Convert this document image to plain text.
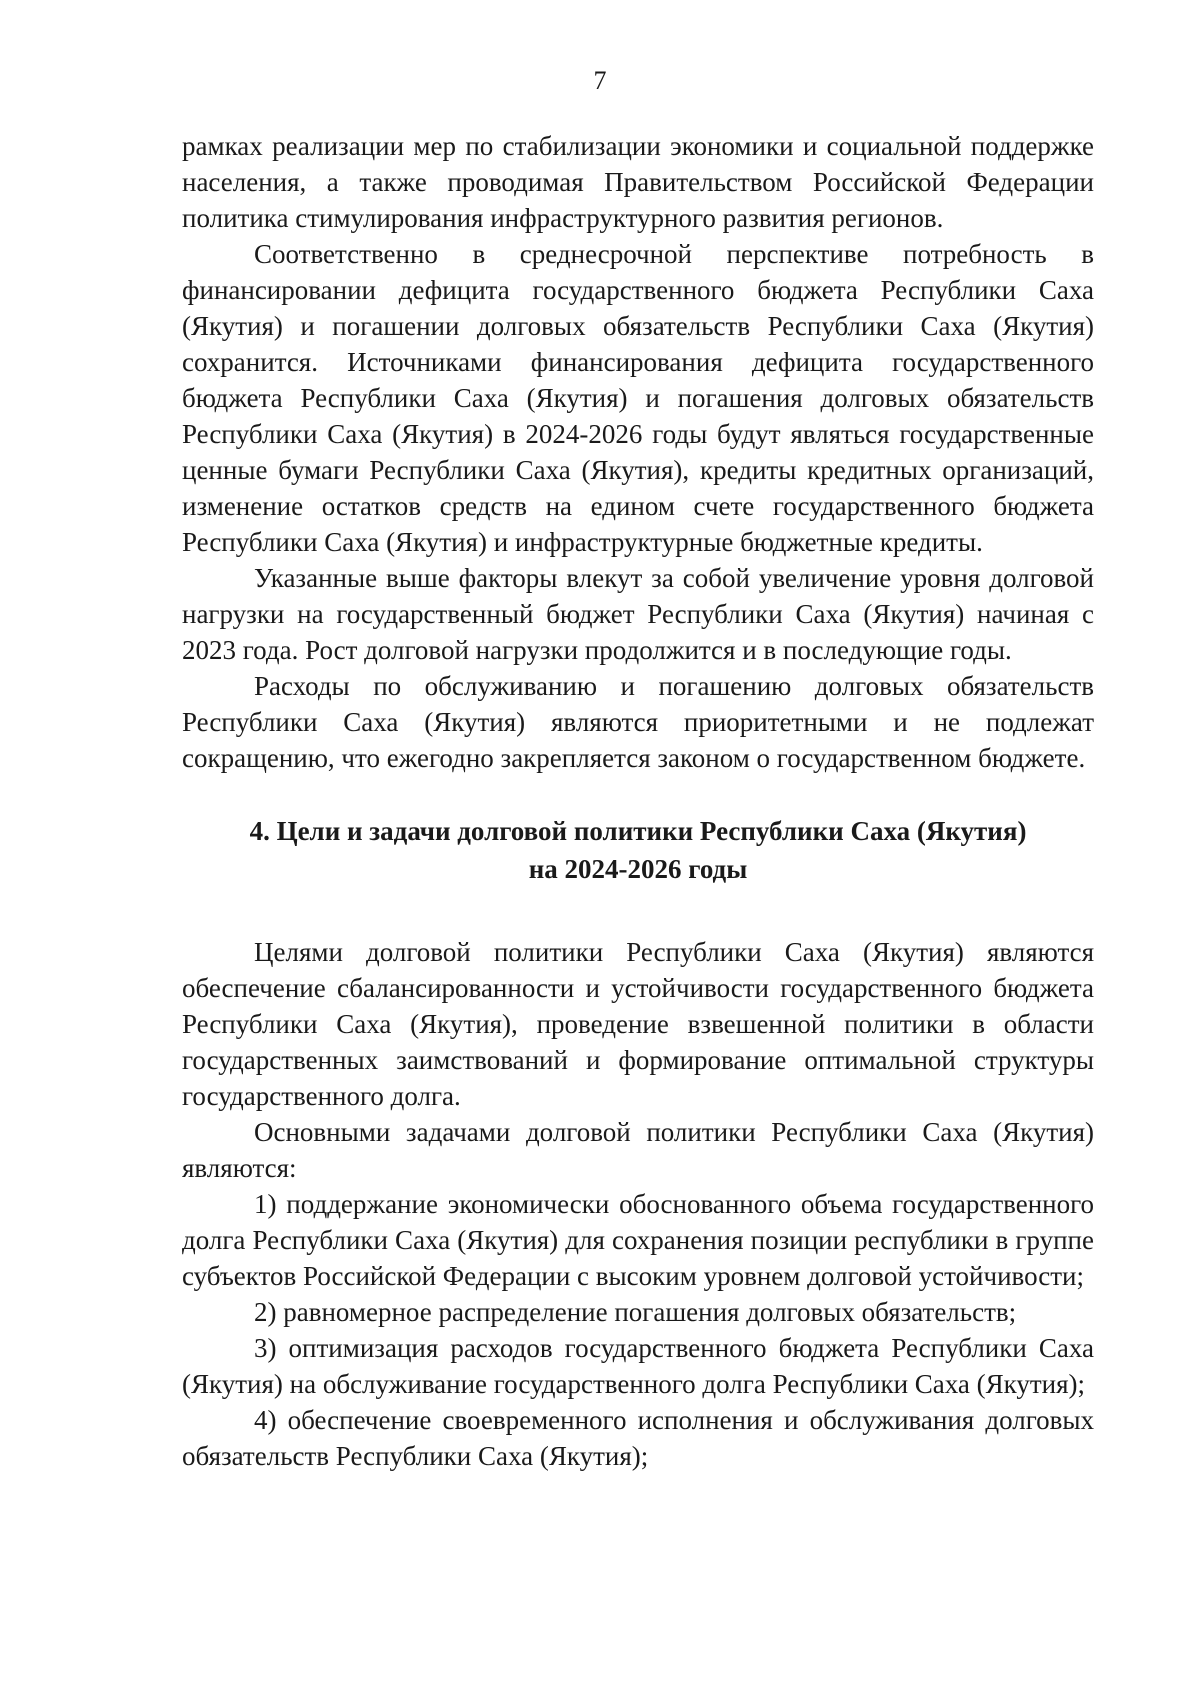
7

рамках реализации мер по стабилизации экономики и социальной поддержке населения, а также проводимая Правительством Российской Федерации политика стимулирования инфраструктурного развития регионов.

Соответственно в среднесрочной перспективе потребность в финансировании дефицита государственного бюджета Республики Саха (Якутия) и погашении долговых обязательств Республики Саха (Якутия) сохранится. Источниками финансирования дефицита государственного бюджета Республики Саха (Якутия) и погашения долговых обязательств Республики Саха (Якутия) в 2024-2026 годы будут являться государственные ценные бумаги Республики Саха (Якутия), кредиты кредитных организаций, изменение остатков средств на едином счете государственного бюджета Республики Саха (Якутия) и инфраструктурные бюджетные кредиты.

Указанные выше факторы влекут за собой увеличение уровня долговой нагрузки на государственный бюджет Республики Саха (Якутия) начиная с 2023 года. Рост долговой нагрузки продолжится и в последующие годы.

Расходы по обслуживанию и погашению долговых обязательств Республики Саха (Якутия) являются приоритетными и не подлежат сокращению, что ежегодно закрепляется законом о государственном бюджете.

4. Цели и задачи долговой политики Республики Саха (Якутия)
на 2024-2026 годы

Целями долговой политики Республики Саха (Якутия) являются обеспечение сбалансированности и устойчивости государственного бюджета Республики Саха (Якутия), проведение взвешенной политики в области государственных заимствований и формирование оптимальной структуры государственного долга.

Основными задачами долговой политики Республики Саха (Якутия) являются:

1) поддержание экономически обоснованного объема государственного долга Республики Саха (Якутия) для сохранения позиции республики в группе субъектов Российской Федерации с высоким уровнем долговой устойчивости;

2) равномерное распределение погашения долговых обязательств;

3) оптимизация расходов государственного бюджета Республики Саха (Якутия) на обслуживание государственного долга Республики Саха (Якутия);

4) обеспечение своевременного исполнения и обслуживания долговых обязательств Республики Саха (Якутия);
